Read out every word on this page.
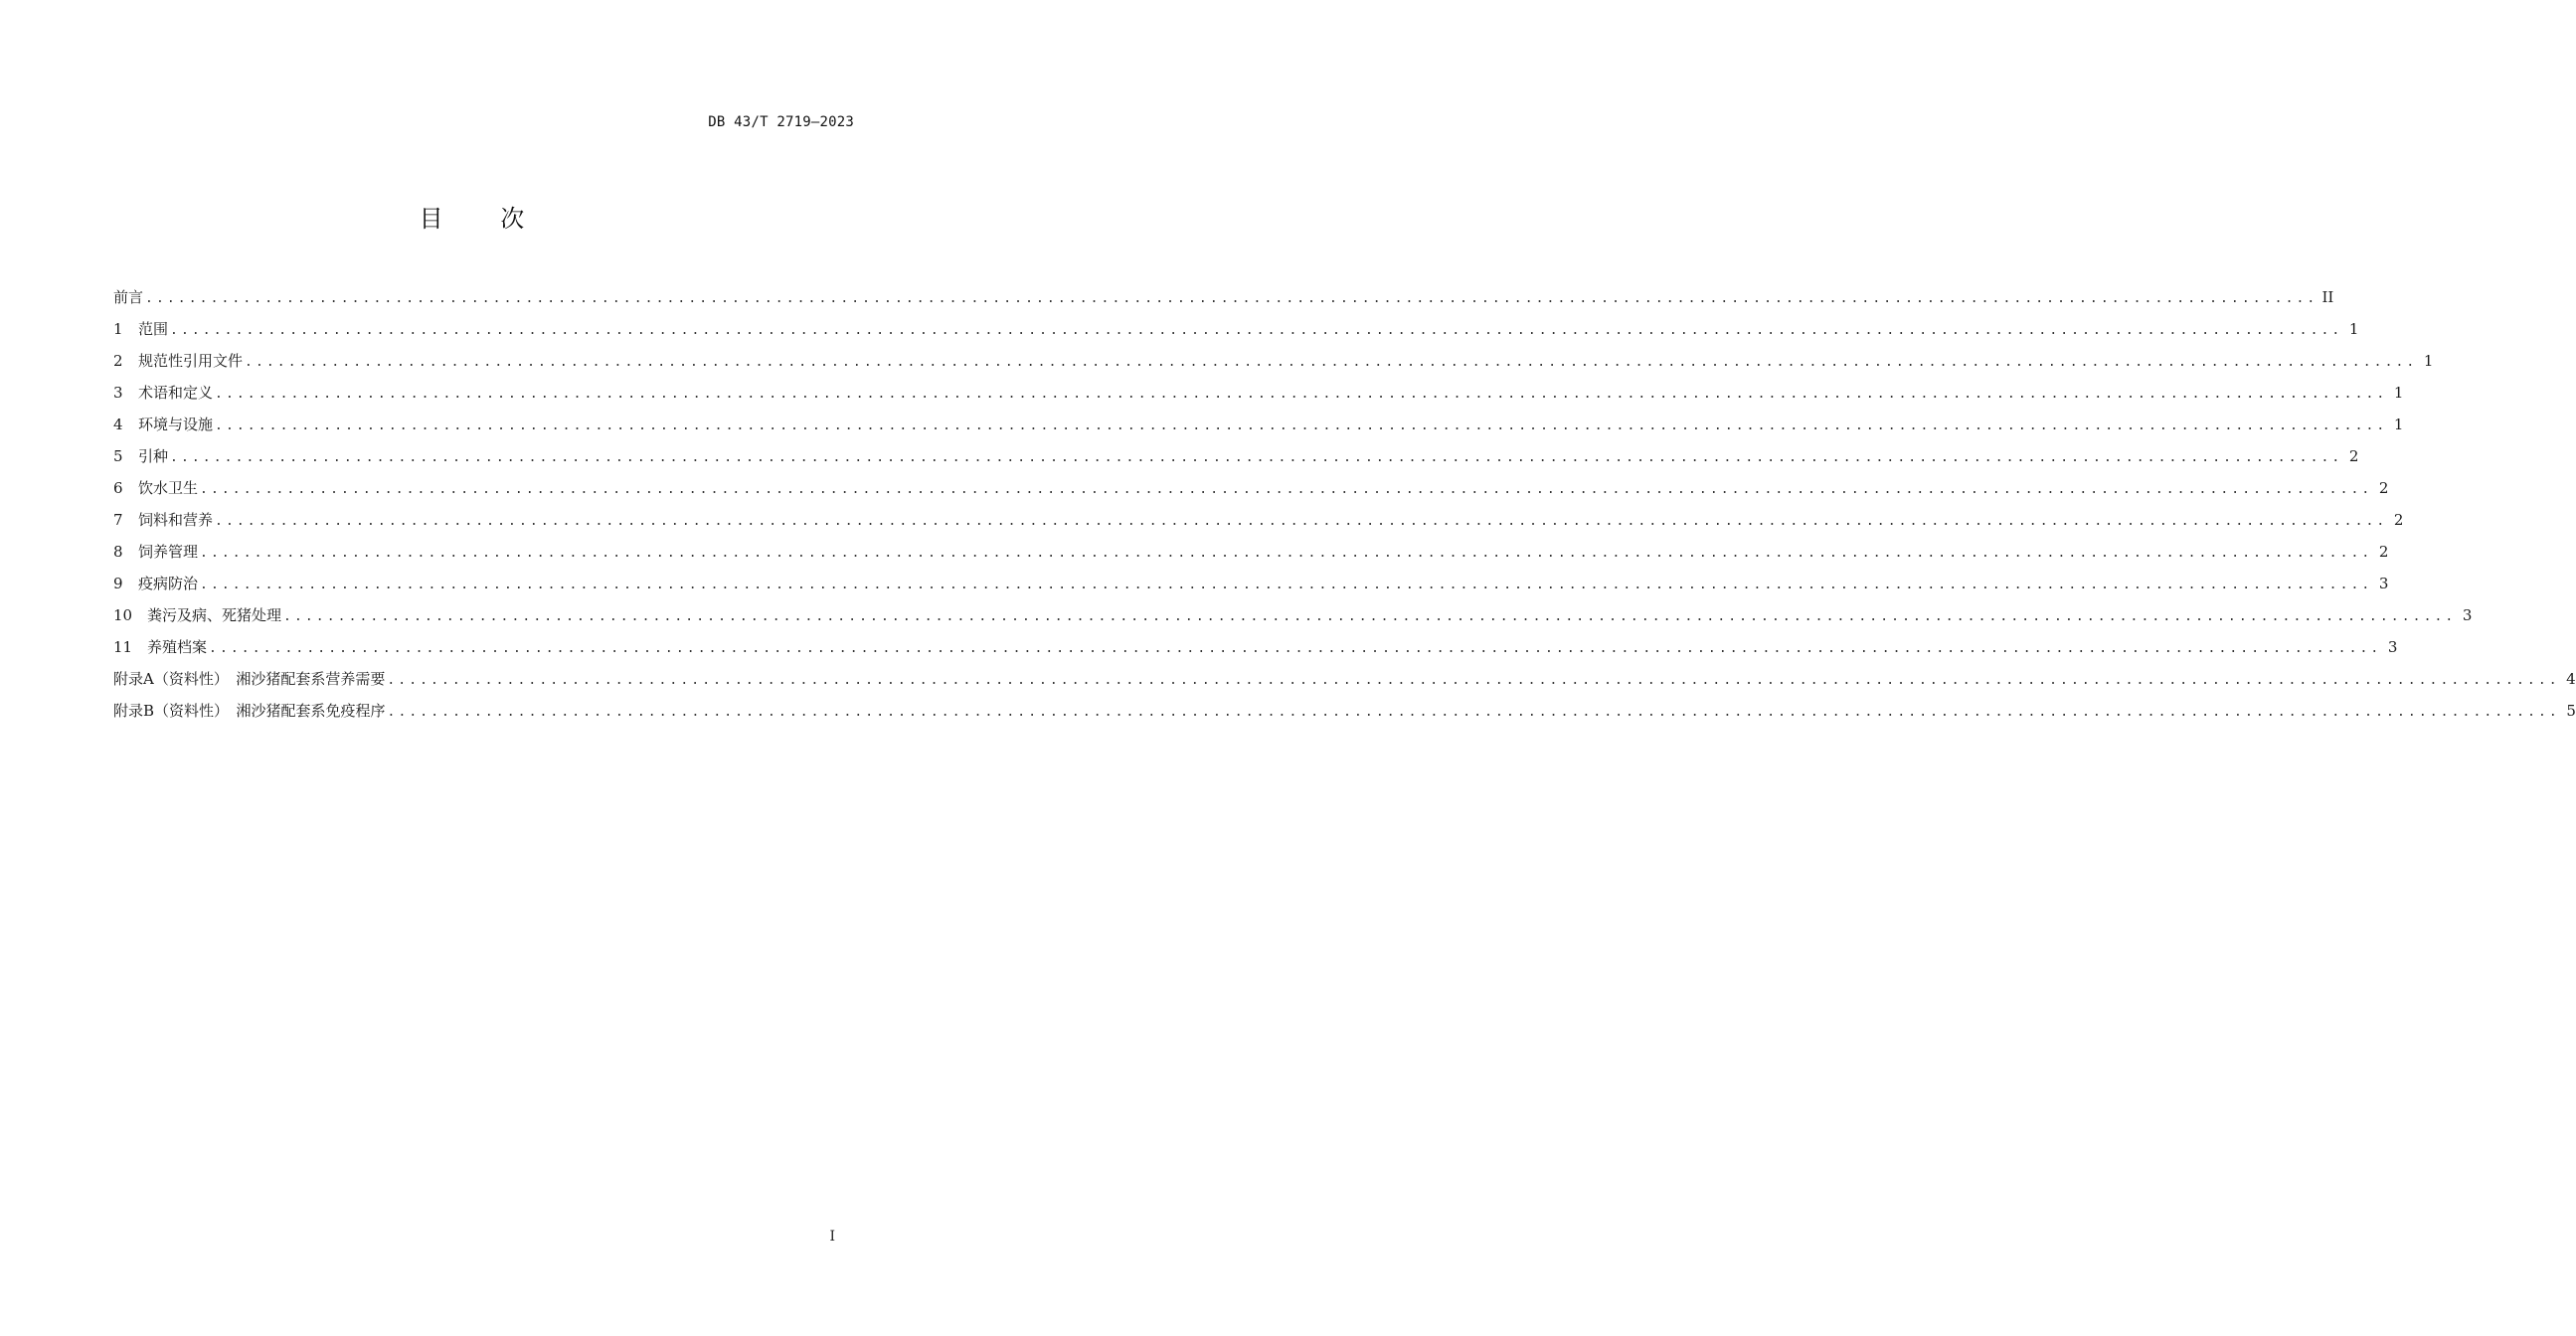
DB 43/T 2719—2023
目 次
前言 ........................................................................................................................................................................................................ II
1	范围 ........................................................................................................................................................................................................ 1
2	规范性引用文件 ........................................................................................................................................................................................................ 1
3	术语和定义 ........................................................................................................................................................................................................ 1
4	环境与设施 ........................................................................................................................................................................................................ 1
5	引种 ........................................................................................................................................................................................................ 2
6	饮水卫生 ........................................................................................................................................................................................................ 2
7	饲料和营养 ........................................................................................................................................................................................................ 2
8	饲养管理 ........................................................................................................................................................................................................ 2
9	疫病防治 ........................................................................................................................................................................................................ 3
10 粪污及病、死猪处理 ........................................................................................................................................................................................................ 3
11 养殖档案 ........................................................................................................................................................................................................ 3
附录A（资料性）　湘沙猪配套系营养需要 ........................................................................................................................................................................................................ 4
附录B（资料性）　湘沙猪配套系免疫程序 ........................................................................................................................................................................................................ 5
I
